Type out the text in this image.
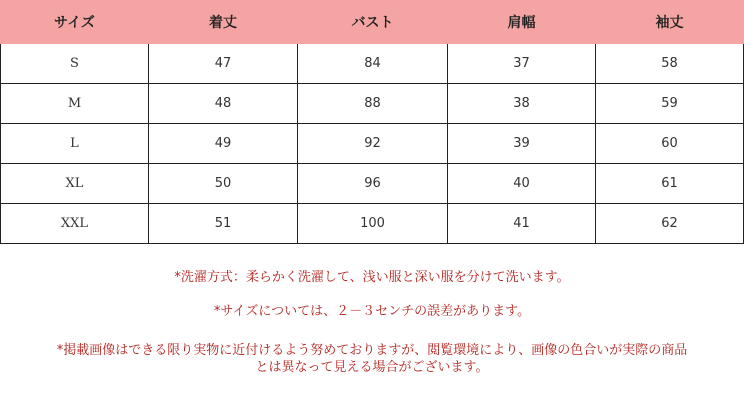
サイズ	着丈	バスト	肩幅	袖丈
S	47	84	37	58
M	48	88	38	59
L	49	92	39	60
XL	50	96	40	61
XXL	51	100	41	62

*洗濯方式：柔らかく洗濯して、浅い服と深い服を分けて洗います。

*サイズについては、２－３センチの誤差があります。

*掲載画像はできる限り実物に近付けるよう努めておりますが、閲覧環境により、画像の色合いが実際の商品

とは異なって見える場合がございます。
